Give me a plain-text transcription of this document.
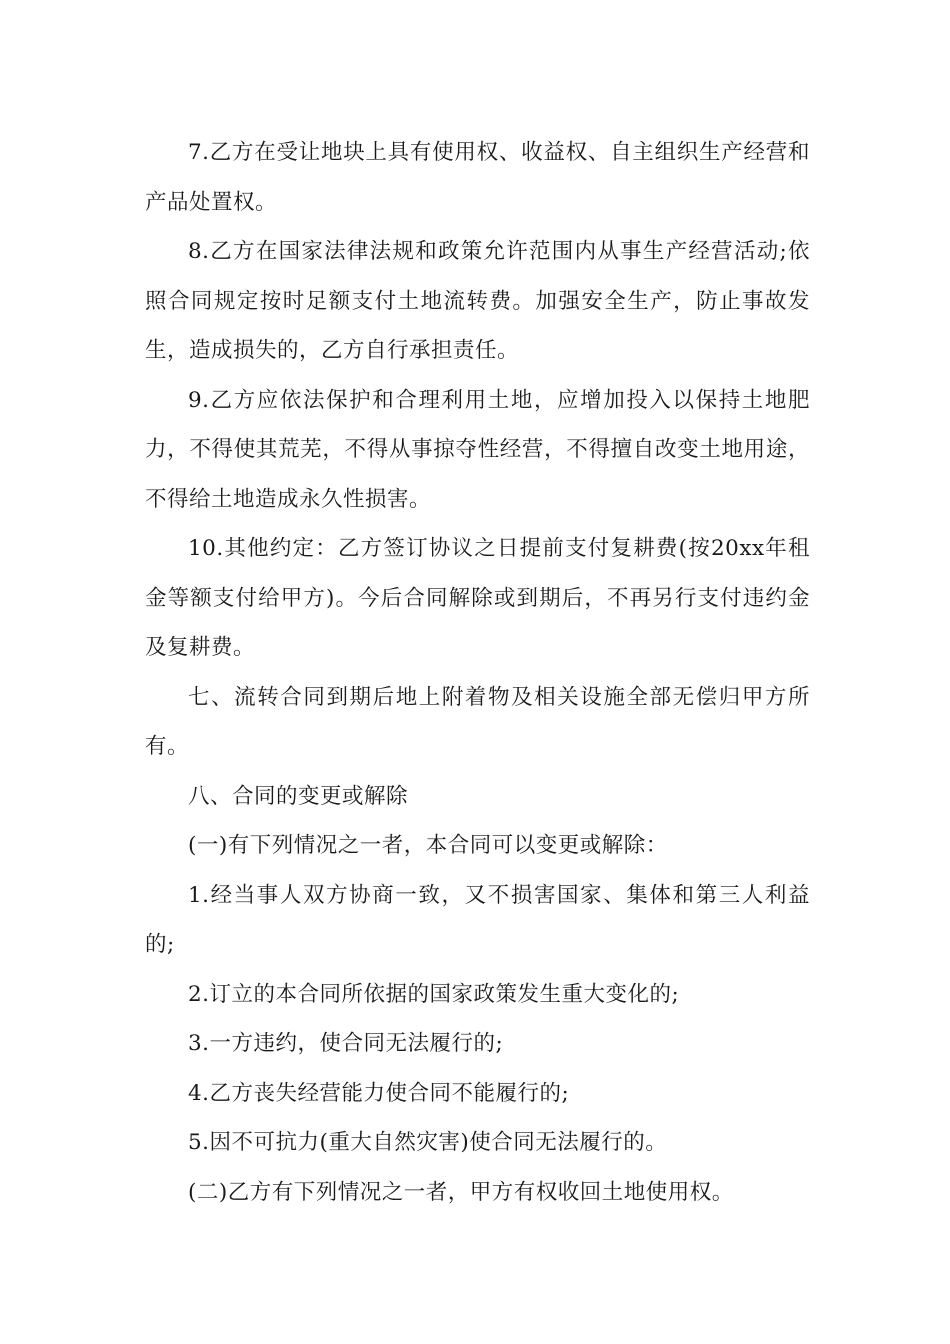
7.乙方在受让地块上具有使用权、收益权、自主组织生产经营和产品处置权。

8.乙方在国家法律法规和政策允许范围内从事生产经营活动;依照合同规定按时足额支付土地流转费。加强安全生产，防止事故发生，造成损失的，乙方自行承担责任。

9.乙方应依法保护和合理利用土地，应增加投入以保持土地肥力，不得使其荒芜，不得从事掠夺性经营，不得擅自改变土地用途，不得给土地造成永久性损害。

10.其他约定：乙方签订协议之日提前支付复耕费(按20xx年租金等额支付给甲方)。今后合同解除或到期后，不再另行支付违约金及复耕费。

七、流转合同到期后地上附着物及相关设施全部无偿归甲方所有。

八、合同的变更或解除

(一)有下列情况之一者，本合同可以变更或解除：

1.经当事人双方协商一致，又不损害国家、集体和第三人利益的;

2.订立的本合同所依据的国家政策发生重大变化的;

3.一方违约，使合同无法履行的;

4.乙方丧失经营能力使合同不能履行的;

5.因不可抗力(重大自然灾害)使合同无法履行的。

(二)乙方有下列情况之一者，甲方有权收回土地使用权。
